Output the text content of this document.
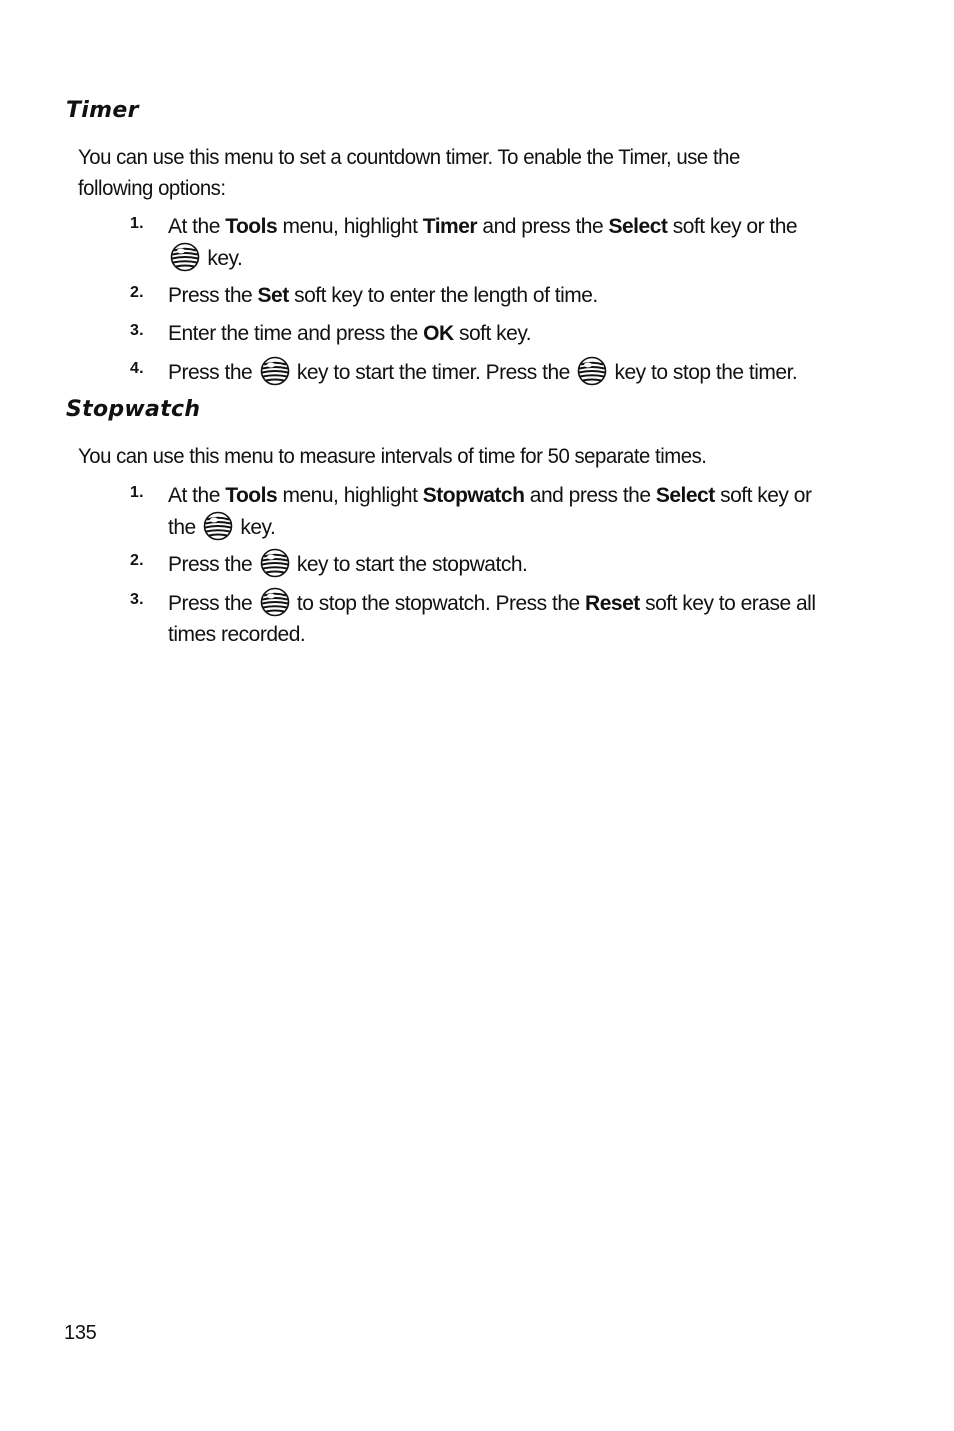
Timer
You can use this menu to set a countdown timer. To enable the Timer, use the
following options:
1. At the Tools menu, highlight Timer and press the Select soft key or the
key.
2. Press the Set soft key to enter the length of time.
3. Enter the time and press the OK soft key.
4. Press the  key to start the timer. Press the  key to stop the timer.
Stopwatch
You can use this menu to measure intervals of time for 50 separate times.
1. At the Tools menu, highlight Stopwatch and press the Select soft key or
the  key.
2. Press the  key to start the stopwatch.
3. Press the  to stop the stopwatch. Press the Reset soft key to erase all
times recorded.
135
